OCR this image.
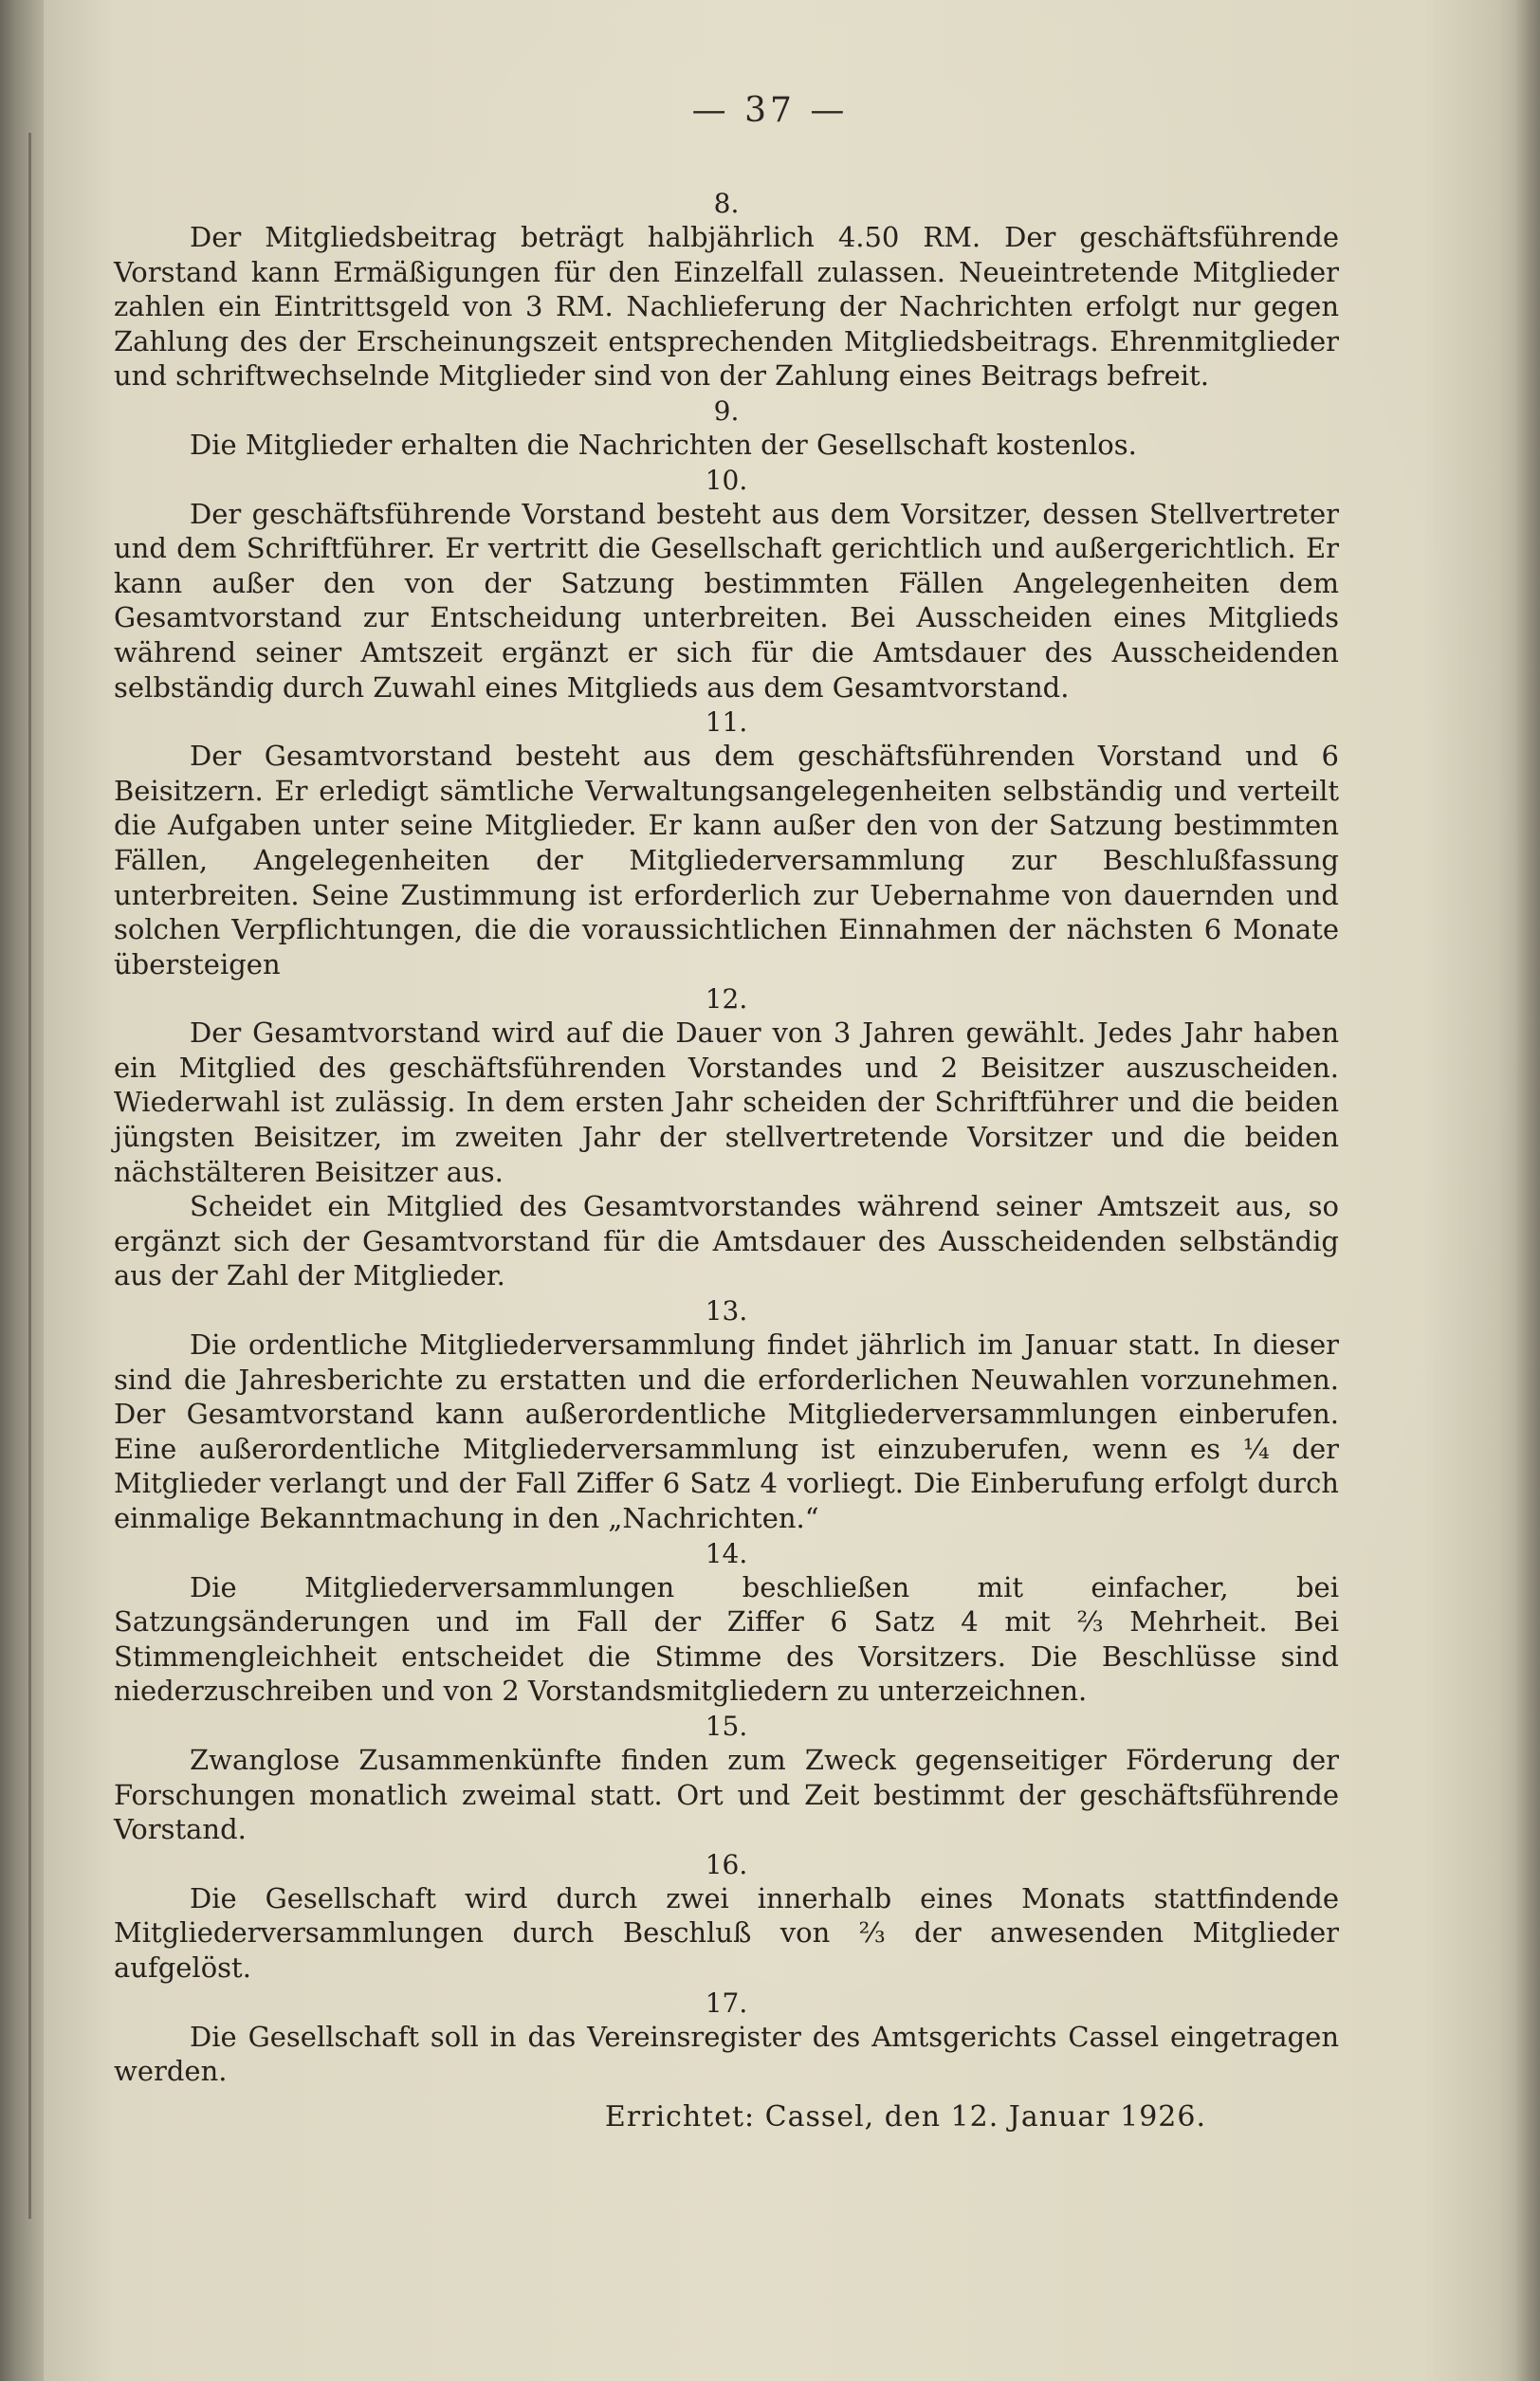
— 37 —
8.

Der Mitgliedsbeitrag beträgt halbjährlich 4.50 RM. Der geschäftsführende Vorstand kann Ermäßigungen für den Einzelfall zulassen. Neueintretende Mitglieder zahlen ein Eintrittsgeld von 3 RM. Nachlieferung der Nachrichten erfolgt nur gegen Zahlung des der Erscheinungszeit entsprechenden Mitgliedsbeitrags. Ehrenmitglieder und schriftwechselnde Mitglieder sind von der Zahlung eines Beitrags befreit.

9.

Die Mitglieder erhalten die Nachrichten der Gesellschaft kostenlos.

10.

Der geschäftsführende Vorstand besteht aus dem Vorsitzer, dessen Stellvertreter und dem Schriftführer. Er vertritt die Gesellschaft gerichtlich und außergerichtlich. Er kann außer den von der Satzung bestimmten Fällen Angelegenheiten dem Gesamtvorstand zur Entscheidung unterbreiten. Bei Ausscheiden eines Mitglieds während seiner Amtszeit ergänzt er sich für die Amtsdauer des Ausscheidenden selbständig durch Zuwahl eines Mitglieds aus dem Gesamtvorstand.

11.

Der Gesamtvorstand besteht aus dem geschäftsführenden Vorstand und 6 Beisitzern. Er erledigt sämtliche Verwaltungsangelegenheiten selbständig und verteilt die Aufgaben unter seine Mitglieder. Er kann außer den von der Satzung bestimmten Fällen, Angelegenheiten der Mitgliederversammlung zur Beschlußfassung unterbreiten. Seine Zustimmung ist erforderlich zur Uebernahme von dauernden und solchen Verpflichtungen, die die voraussichtlichen Einnahmen der nächsten 6 Monate übersteigen

12.

Der Gesamtvorstand wird auf die Dauer von 3 Jahren gewählt. Jedes Jahr haben ein Mitglied des geschäftsführenden Vorstandes und 2 Beisitzer auszuscheiden. Wiederwahl ist zulässig. In dem ersten Jahr scheiden der Schriftführer und die beiden jüngsten Beisitzer, im zweiten Jahr der stellvertretende Vorsitzer und die beiden nächstälteren Beisitzer aus.

Scheidet ein Mitglied des Gesamtvorstandes während seiner Amtszeit aus, so ergänzt sich der Gesamtvorstand für die Amtsdauer des Ausscheidenden selbständig aus der Zahl der Mitglieder.

13.

Die ordentliche Mitgliederversammlung findet jährlich im Januar statt. In dieser sind die Jahresberichte zu erstatten und die erforderlichen Neuwahlen vorzunehmen. Der Gesamtvorstand kann außerordentliche Mitgliederversammlungen einberufen. Eine außerordentliche Mitgliederversammlung ist einzuberufen, wenn es ¼ der Mitglieder verlangt und der Fall Ziffer 6 Satz 4 vorliegt. Die Einberufung erfolgt durch einmalige Bekanntmachung in den „Nachrichten.“

14.

Die Mitgliederversammlungen beschließen mit einfacher, bei Satzungsänderungen und im Fall der Ziffer 6 Satz 4 mit ⅔ Mehrheit. Bei Stimmengleichheit entscheidet die Stimme des Vorsitzers. Die Beschlüsse sind niederzuschreiben und von 2 Vorstandsmitgliedern zu unterzeichnen.

15.

Zwanglose Zusammenkünfte finden zum Zweck gegenseitiger Förderung der Forschungen monatlich zweimal statt. Ort und Zeit bestimmt der geschäftsführende Vorstand.

16.

Die Gesellschaft wird durch zwei innerhalb eines Monats stattfindende Mitgliederversammlungen durch Beschluß von ⅔ der anwesenden Mitglieder aufgelöst.

17.

Die Gesellschaft soll in das Vereinsregister des Amtsgerichts Cassel eingetragen werden.

Errichtet: Cassel, den 12. Januar 1926.
